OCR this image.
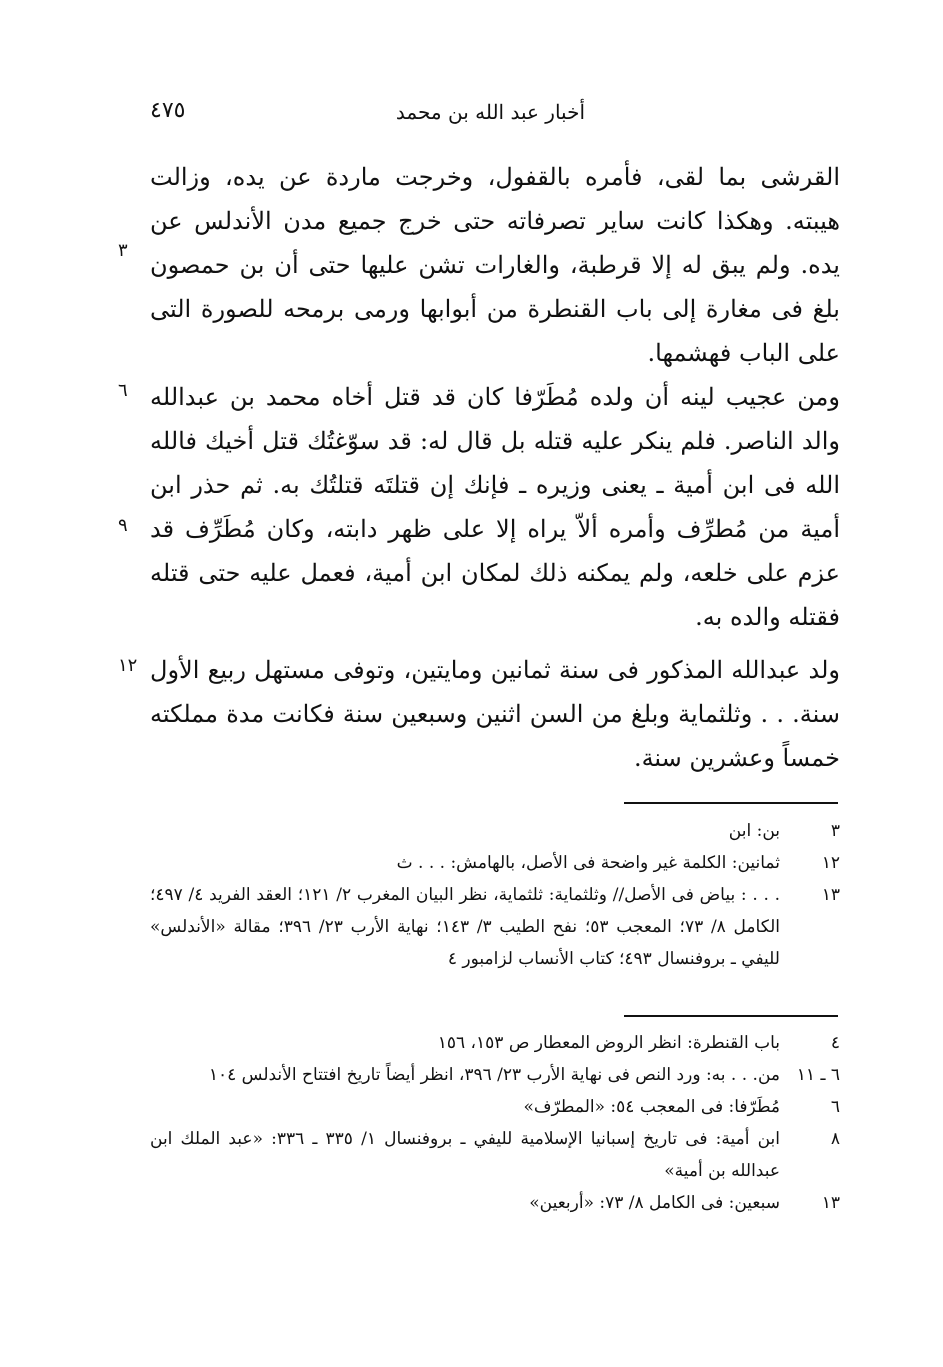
٤٧٥	أخبار عبد الله بن محمد

القرشى بما لقى، فأمره بالقفول، وخرجت ماردة عن يده، وزالت هيبته. وهكذا كانت ساير تصرفاته حتى خرج جميع مدن الأندلس عن يده. ولم يبق له إلا قرطبة، والغارات تشن عليها حتى أن بن حمصون بلغ فى مغارة إلى باب القنطرة من أبوابها ورمى برمحه للصورة التى على الباب فهشمها.

ومن عجيب لينه أن ولده مُطَرّفا كان قد قتل أخاه محمد بن عبدالله والد الناصر. فلم ينكر عليه قتله بل قال له: قد سوّغتُك قتل أخيك فالله الله فى ابن أمية ـ يعنى وزيره ـ فإنك إن قتلتَه قتلتُك به. ثم حذر ابن أمية من مُطرِّف وأمره ألاّ يراه إلا على ظهر دابته، وكان مُطَرِّف قد عزم على خلعه، ولم يمكنه ذلك لمكان ابن أمية، فعمل عليه حتى قتله فقتله والده به.

ولد عبدالله المذكور فى سنة ثمانين ومايتين، وتوفى مستهل ربيع الأول سنة. . . وثلثماية وبلغ من السن اثنين وسبعين سنة فكانت مدة مملكته خمساً وعشرين سنة.

٣
٦
٩
١٢
٣
بن: ابن
١٢
ثمانين: الكلمة غير واضحة فى الأصل، بالهامش: . . . ث
١٣
. . . : بياض فى الأصل// وثلثماية: ثلثماية، نظر البيان المغرب ٢/ ١٢١؛ العقد الفريد ٤/ ٤٩٧؛ الكامل ٨/ ٧٣؛ المعجب ٥٣؛ نفح الطيب ٣/ ١٤٣؛ نهاية الأرب ٢٣/ ٣٩٦؛ مقالة «الأندلس» لليفي ـ بروفنسال ٤٩٣؛ كتاب الأنساب لزامبور ٤
٤
باب القنطرة: انظر الروض المعطار ص ١٥٣، ١٥٦
٦ ـ ١١
من. . . به: ورد النص فى نهاية الأرب ٢٣/ ٣٩٦، انظر أيضاً تاريخ افتتاح الأندلس ١٠٤
٦
مُطَرّفا: فى المعجب ٥٤: «المطرّف»
٨
ابن أمية: فى تاريخ إسبانيا الإسلامية لليفي ـ بروفنسال ١/ ٣٣٥ ـ ٣٣٦: «عبد الملك ابن عبدالله بن أمية»
١٣
سبعين: فى الكامل ٨/ ٧٣: «أربعين»
